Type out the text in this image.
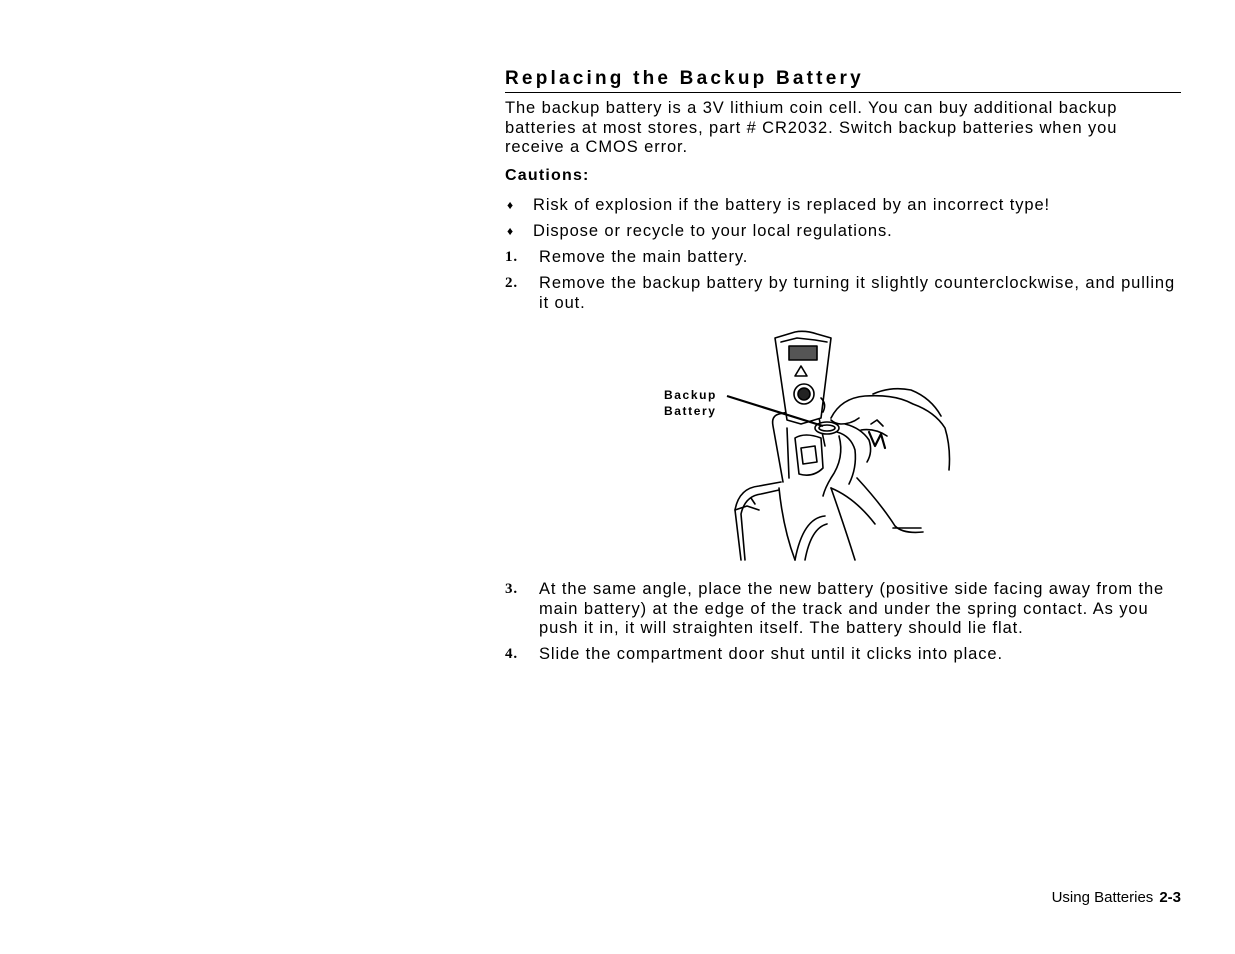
Replacing the Backup Battery

The backup battery is a 3V lithium coin cell. You can buy additional backup batteries at most stores, part # CR2032. Switch backup batteries when you receive a CMOS error.

Cautions:

♦	Risk of explosion if the battery is replaced by an incorrect type!
♦	Dispose or recycle to your local regulations.
1.	Remove the main battery.
2.	Remove the backup battery by turning it slightly counterclockwise, and pulling it out.
Backup
Battery
3.	At the same angle, place the new battery (positive side facing away from the main battery) at the edge of the track and under the spring contact. As you push it in, it will straighten itself. The battery should lie flat.
4.	Slide the compartment door shut until it clicks into place.
Using Batteries 2-3
